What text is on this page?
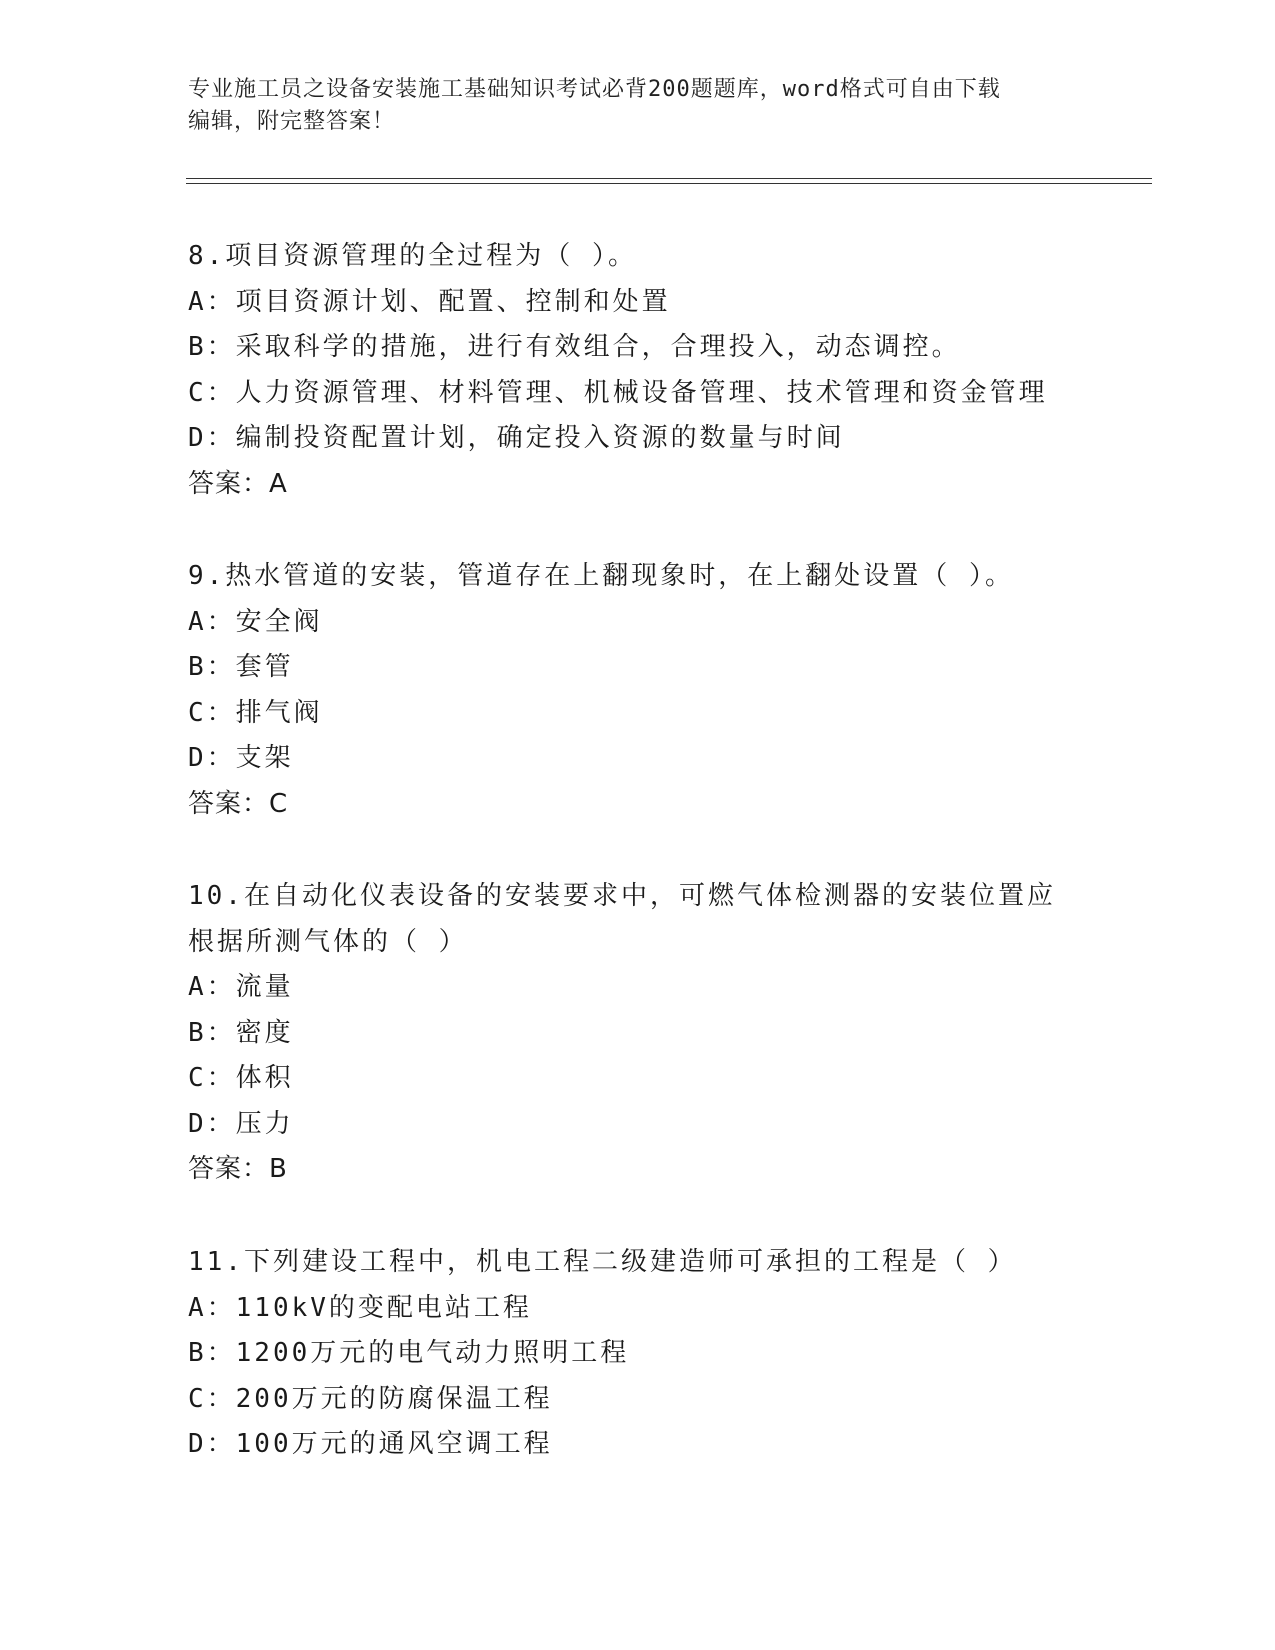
专业施工员之设备安装施工基础知识考试必背200题题库，word格式可自由下载
编辑，附完整答案！
8.项目资源管理的全过程为（ ）。
A：项目资源计划、配置、控制和处置
B：采取科学的措施，进行有效组合，合理投入，动态调控。
C：人力资源管理、材料管理、机械设备管理、技术管理和资金管理
D：编制投资配置计划，确定投入资源的数量与时间
答案：A
9.热水管道的安装，管道存在上翻现象时，在上翻处设置（ ）。
A：安全阀
B：套管
C：排气阀
D：支架
答案：C
10.在自动化仪表设备的安装要求中，可燃气体检测器的安装位置应根据所测气体的（ ）
A：流量
B：密度
C：体积
D：压力
答案：B
11.下列建设工程中，机电工程二级建造师可承担的工程是（ ）
A：110kV的变配电站工程
B：1200万元的电气动力照明工程
C：200万元的防腐保温工程
D：100万元的通风空调工程
